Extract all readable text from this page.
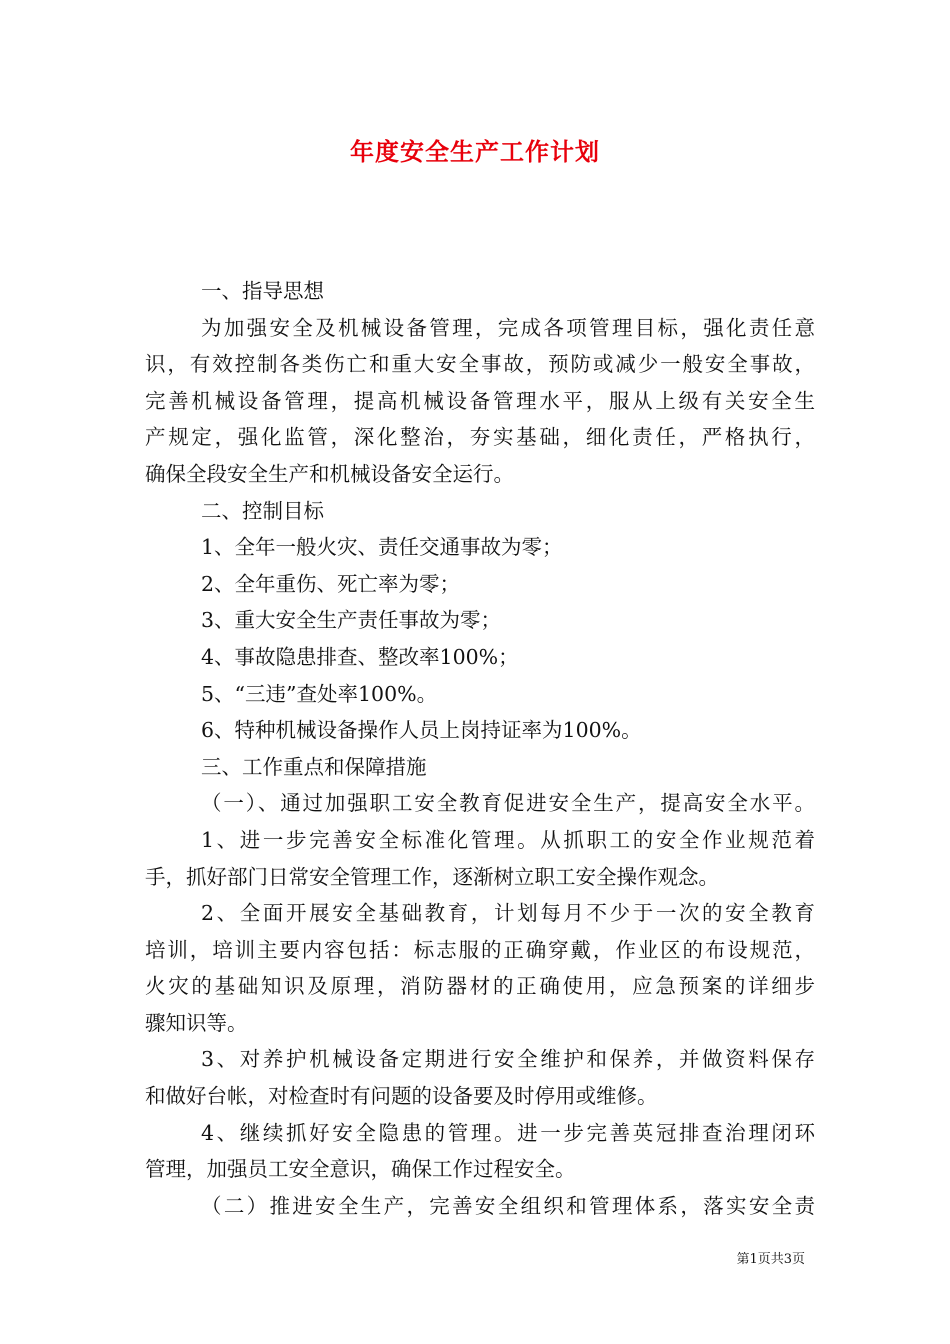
年度安全生产工作计划
一、指导思想
为加强安全及机械设备管理，完成各项管理目标，强化责任意
识，有效控制各类伤亡和重大安全事故，预防或减少一般安全事故，
完善机械设备管理，提高机械设备管理水平，服从上级有关安全生
产规定，强化监管，深化整治，夯实基础，细化责任，严格执行，
确保全段安全生产和机械设备安全运行。
二、控制目标
1、全年一般火灾、责任交通事故为零；
2、全年重伤、死亡率为零；
3、重大安全生产责任事故为零；
4、事故隐患排查、整改率100%；
5、“三违”查处率100%。
6、特种机械设备操作人员上岗持证率为100%。
三、工作重点和保障措施
（一）、通过加强职工安全教育促进安全生产，提高安全水平。
1、进一步完善安全标准化管理。从抓职工的安全作业规范着
手，抓好部门日常安全管理工作，逐渐树立职工安全操作观念。
2、全面开展安全基础教育，计划每月不少于一次的安全教育
培训，培训主要内容包括：标志服的正确穿戴，作业区的布设规范，
火灾的基础知识及原理，消防器材的正确使用，应急预案的详细步
骤知识等。
3、对养护机械设备定期进行安全维护和保养，并做资料保存
和做好台帐，对检查时有问题的设备要及时停用或维修。
4、继续抓好安全隐患的管理。进一步完善英冠排查治理闭环
管理，加强员工安全意识，确保工作过程安全。
（二）推进安全生产，完善安全组织和管理体系，落实安全责
第1页共3页
